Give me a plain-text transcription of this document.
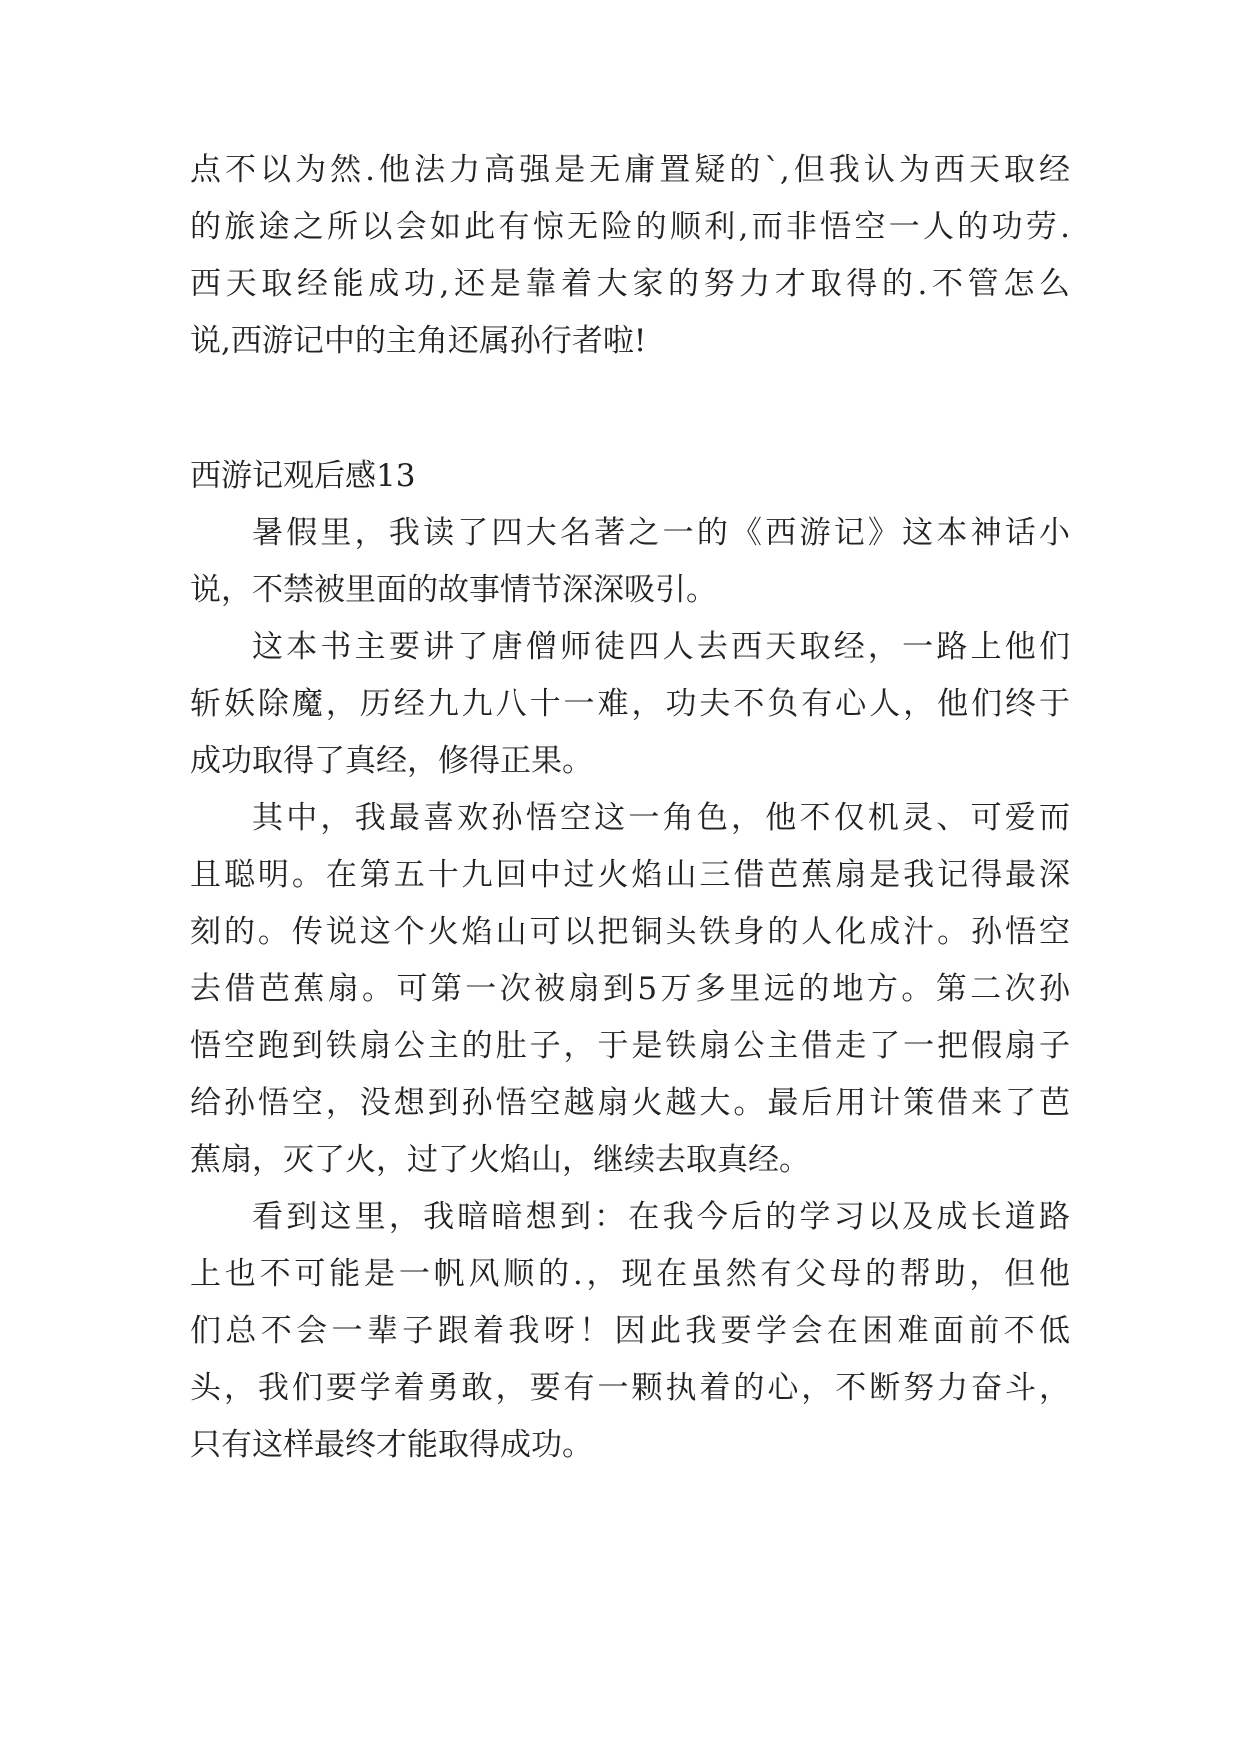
点不以为然.他法力高强是无庸置疑的`,但我认为西天取经
的旅途之所以会如此有惊无险的顺利,而非悟空一人的功劳.
西天取经能成功,还是靠着大家的努力才取得的.不管怎么
说,西游记中的主角还属孙行者啦!
西游记观后感13
暑假里，我读了四大名著之一的《西游记》这本神话小
说，不禁被里面的故事情节深深吸引。
这本书主要讲了唐僧师徒四人去西天取经，一路上他们
斩妖除魔，历经九九八十一难，功夫不负有心人，他们终于
成功取得了真经，修得正果。
其中，我最喜欢孙悟空这一角色，他不仅机灵、可爱而
且聪明。在第五十九回中过火焰山三借芭蕉扇是我记得最深
刻的。传说这个火焰山可以把铜头铁身的人化成汁。孙悟空
去借芭蕉扇。可第一次被扇到5万多里远的地方。第二次孙
悟空跑到铁扇公主的肚子，于是铁扇公主借走了一把假扇子
给孙悟空，没想到孙悟空越扇火越大。最后用计策借来了芭
蕉扇，灭了火，过了火焰山，继续去取真经。
看到这里，我暗暗想到：在我今后的学习以及成长道路
上也不可能是一帆风顺的.，现在虽然有父母的帮助，但他
们总不会一辈子跟着我呀！因此我要学会在困难面前不低
头，我们要学着勇敢，要有一颗执着的心，不断努力奋斗，
只有这样最终才能取得成功。
